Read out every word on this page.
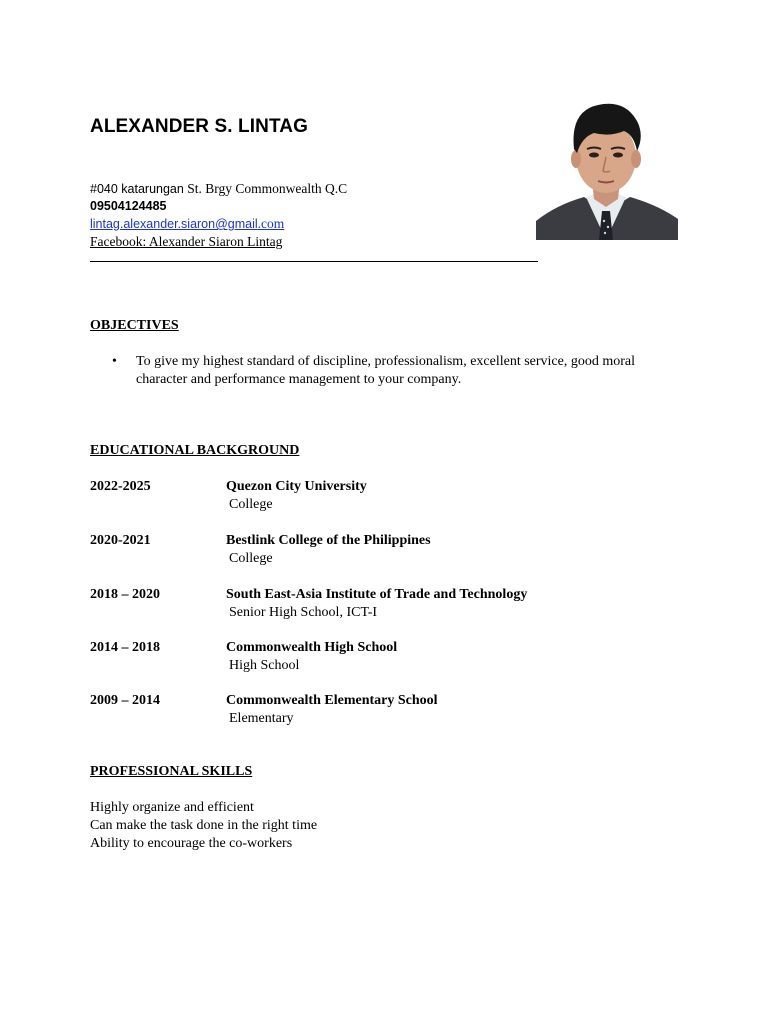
ALEXANDER S. LINTAG
#040 katarungan St. Brgy Commonwealth Q.C
09504124485
lintag.alexander.siaron@gmail.com
Facebook: Alexander Siaron Lintag
OBJECTIVES
• To give my highest standard of discipline, professionalism, excellent service, good moral character and performance management to your company.
EDUCATIONAL BACKGROUND
2022-2025	Quezon City University
College
2020-2021	Bestlink College of the Philippines
College
2018 – 2020	South East-Asia Institute of Trade and Technology
Senior High School, ICT-I
2014 – 2018	Commonwealth High School
High School
2009 – 2014	Commonwealth Elementary School
Elementary
PROFESSIONAL SKILLS
Highly organize and efficient
Can make the task done in the right time
Ability to encourage the co-workers
